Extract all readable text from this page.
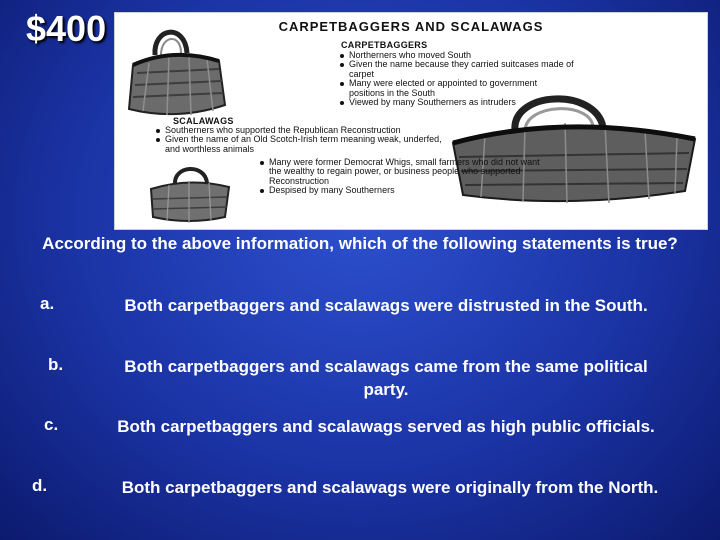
$400	CARPETBAGGERS AND SCALAWAGS
CARPETBAGGERS
Northerners who moved South
Given the name because they carried suitcases made of carpet
Many were elected or appointed to government positions in the South
Viewed by many Southerners as intruders
SCALAWAGS
Southerners who supported the Republican Reconstruction
Given the name of an Old Scotch-Irish term meaning weak, underfed, and worthless animals
Many were former Democrat Whigs, small farmers who did not want the wealthy to regain power, or business people who supported Reconstruction
Despised by many Southerners
According to the above information, which of the following statements is true?
a.	Both carpetbaggers and scalawags were distrusted in the South.
b.	Both carpetbaggers and scalawags came from the same political party.
c.	Both carpetbaggers and scalawags served as high public officials.
d.	Both carpetbaggers and scalawags were originally from the North.
